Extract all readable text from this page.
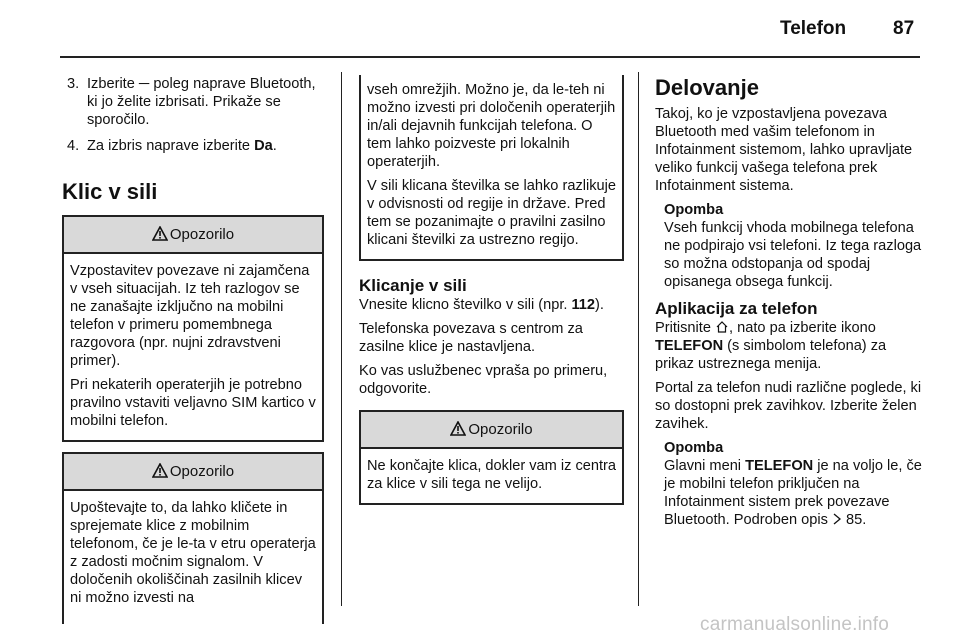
Telefon 87
3. Izberite ─ poleg naprave Bluetooth, ki jo želite izbrisati. Prikaže se sporočilo.
4. Za izbris naprave izberite Da.
Klic v sili
Opozorilo

Vzpostavitev povezave ni zajamčena v vseh situacijah. Iz teh razlogov se ne zanašajte izključno na mobilni telefon v primeru pomembnega razgovora (npr. nujni zdravstveni primer).

Pri nekaterih operaterjih je potrebno pravilno vstaviti veljavno SIM kartico v mobilni telefon.

Opozorilo

Upoštevajte to, da lahko kličete in sprejemate klice z mobilnim telefonom, če je le-ta v etru operaterja z zadosti močnim signalom. V določenih okoliščinah zasilnih klicev ni možno izvesti na

vseh omrežjih. Možno je, da le-teh ni možno izvesti pri določenih operaterjih in/ali dejavnih funkcijah telefona. O tem lahko poizveste pri lokalnih operaterjih.

V sili klicana številka se lahko razlikuje v odvisnosti od regije in države. Pred tem se pozanimajte o pravilni zasilno klicani številki za ustrezno regijo.

Klicanje v sili

Vnesite klicno številko v sili (npr. 112).

Telefonska povezava s centrom za zasilne klice je nastavljena.

Ko vas uslužbenec vpraša po primeru, odgovorite.

Opozorilo

Ne končajte klica, dokler vam iz centra za klice v sili tega ne velijo.

Delovanje

Takoj, ko je vzpostavljena povezava Bluetooth med vašim telefonom in Infotainment sistemom, lahko upravljate veliko funkcij vašega telefona prek Infotainment sistema.

Opomba

Vseh funkcij vhoda mobilnega telefona ne podpirajo vsi telefoni. Iz tega razloga so možna odstopanja od spodaj opisanega obsega funkcij.

Aplikacija za telefon

Pritisnite , nato pa izberite ikono
TELEFON (s simbolom telefona) za prikaz ustreznega menija.

Portal za telefon nudi različne poglede, ki so dostopni prek zavihkov. Izberite želen zavihek.

Opomba

Glavni meni TELEFON je na voljo le, če je mobilni telefon priključen na Infotainment sistem prek povezave Bluetooth. Podroben opis  85.

carmanualsonline.info
